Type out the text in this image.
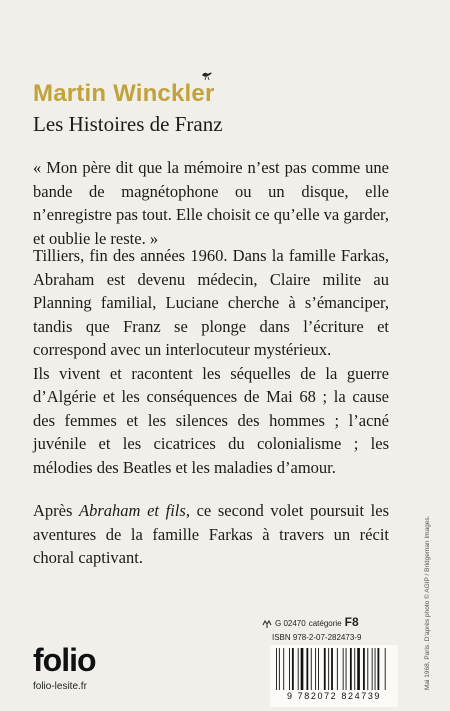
Martin Winckler
Les Histoires de Franz
« Mon père dit que la mémoire n’est pas comme une bande de magnétophone ou un disque, elle n’enregistre pas tout. Elle choisit ce qu’elle va garder, et oublie le reste. »

Tilliers, fin des années 1960. Dans la famille Farkas, Abraham est devenu médecin, Claire milite au Planning familial, Luciane cherche à s’émanciper, tandis que Franz se plonge dans l’écriture et correspond avec un interlocuteur mystérieux.

Ils vivent et racontent les séquelles de la guerre d’Algérie et les conséquences de Mai 68 ; la cause des femmes et les silences des hommes ; l’acné juvénile et les cicatrices du colonialisme ; les mélodies des Beatles et les maladies d’amour.

Après Abraham et fils, ce second volet poursuit les aventures de la famille Farkas à travers un récit choral captivant.	Mai 1968, Paris. D’après photo © AGIP / Bridgeman Images.
folio
folio-lesite.fr
G 02470 catégorie F8
ISBN 978-2-07-282473-9
9 782072 824739
